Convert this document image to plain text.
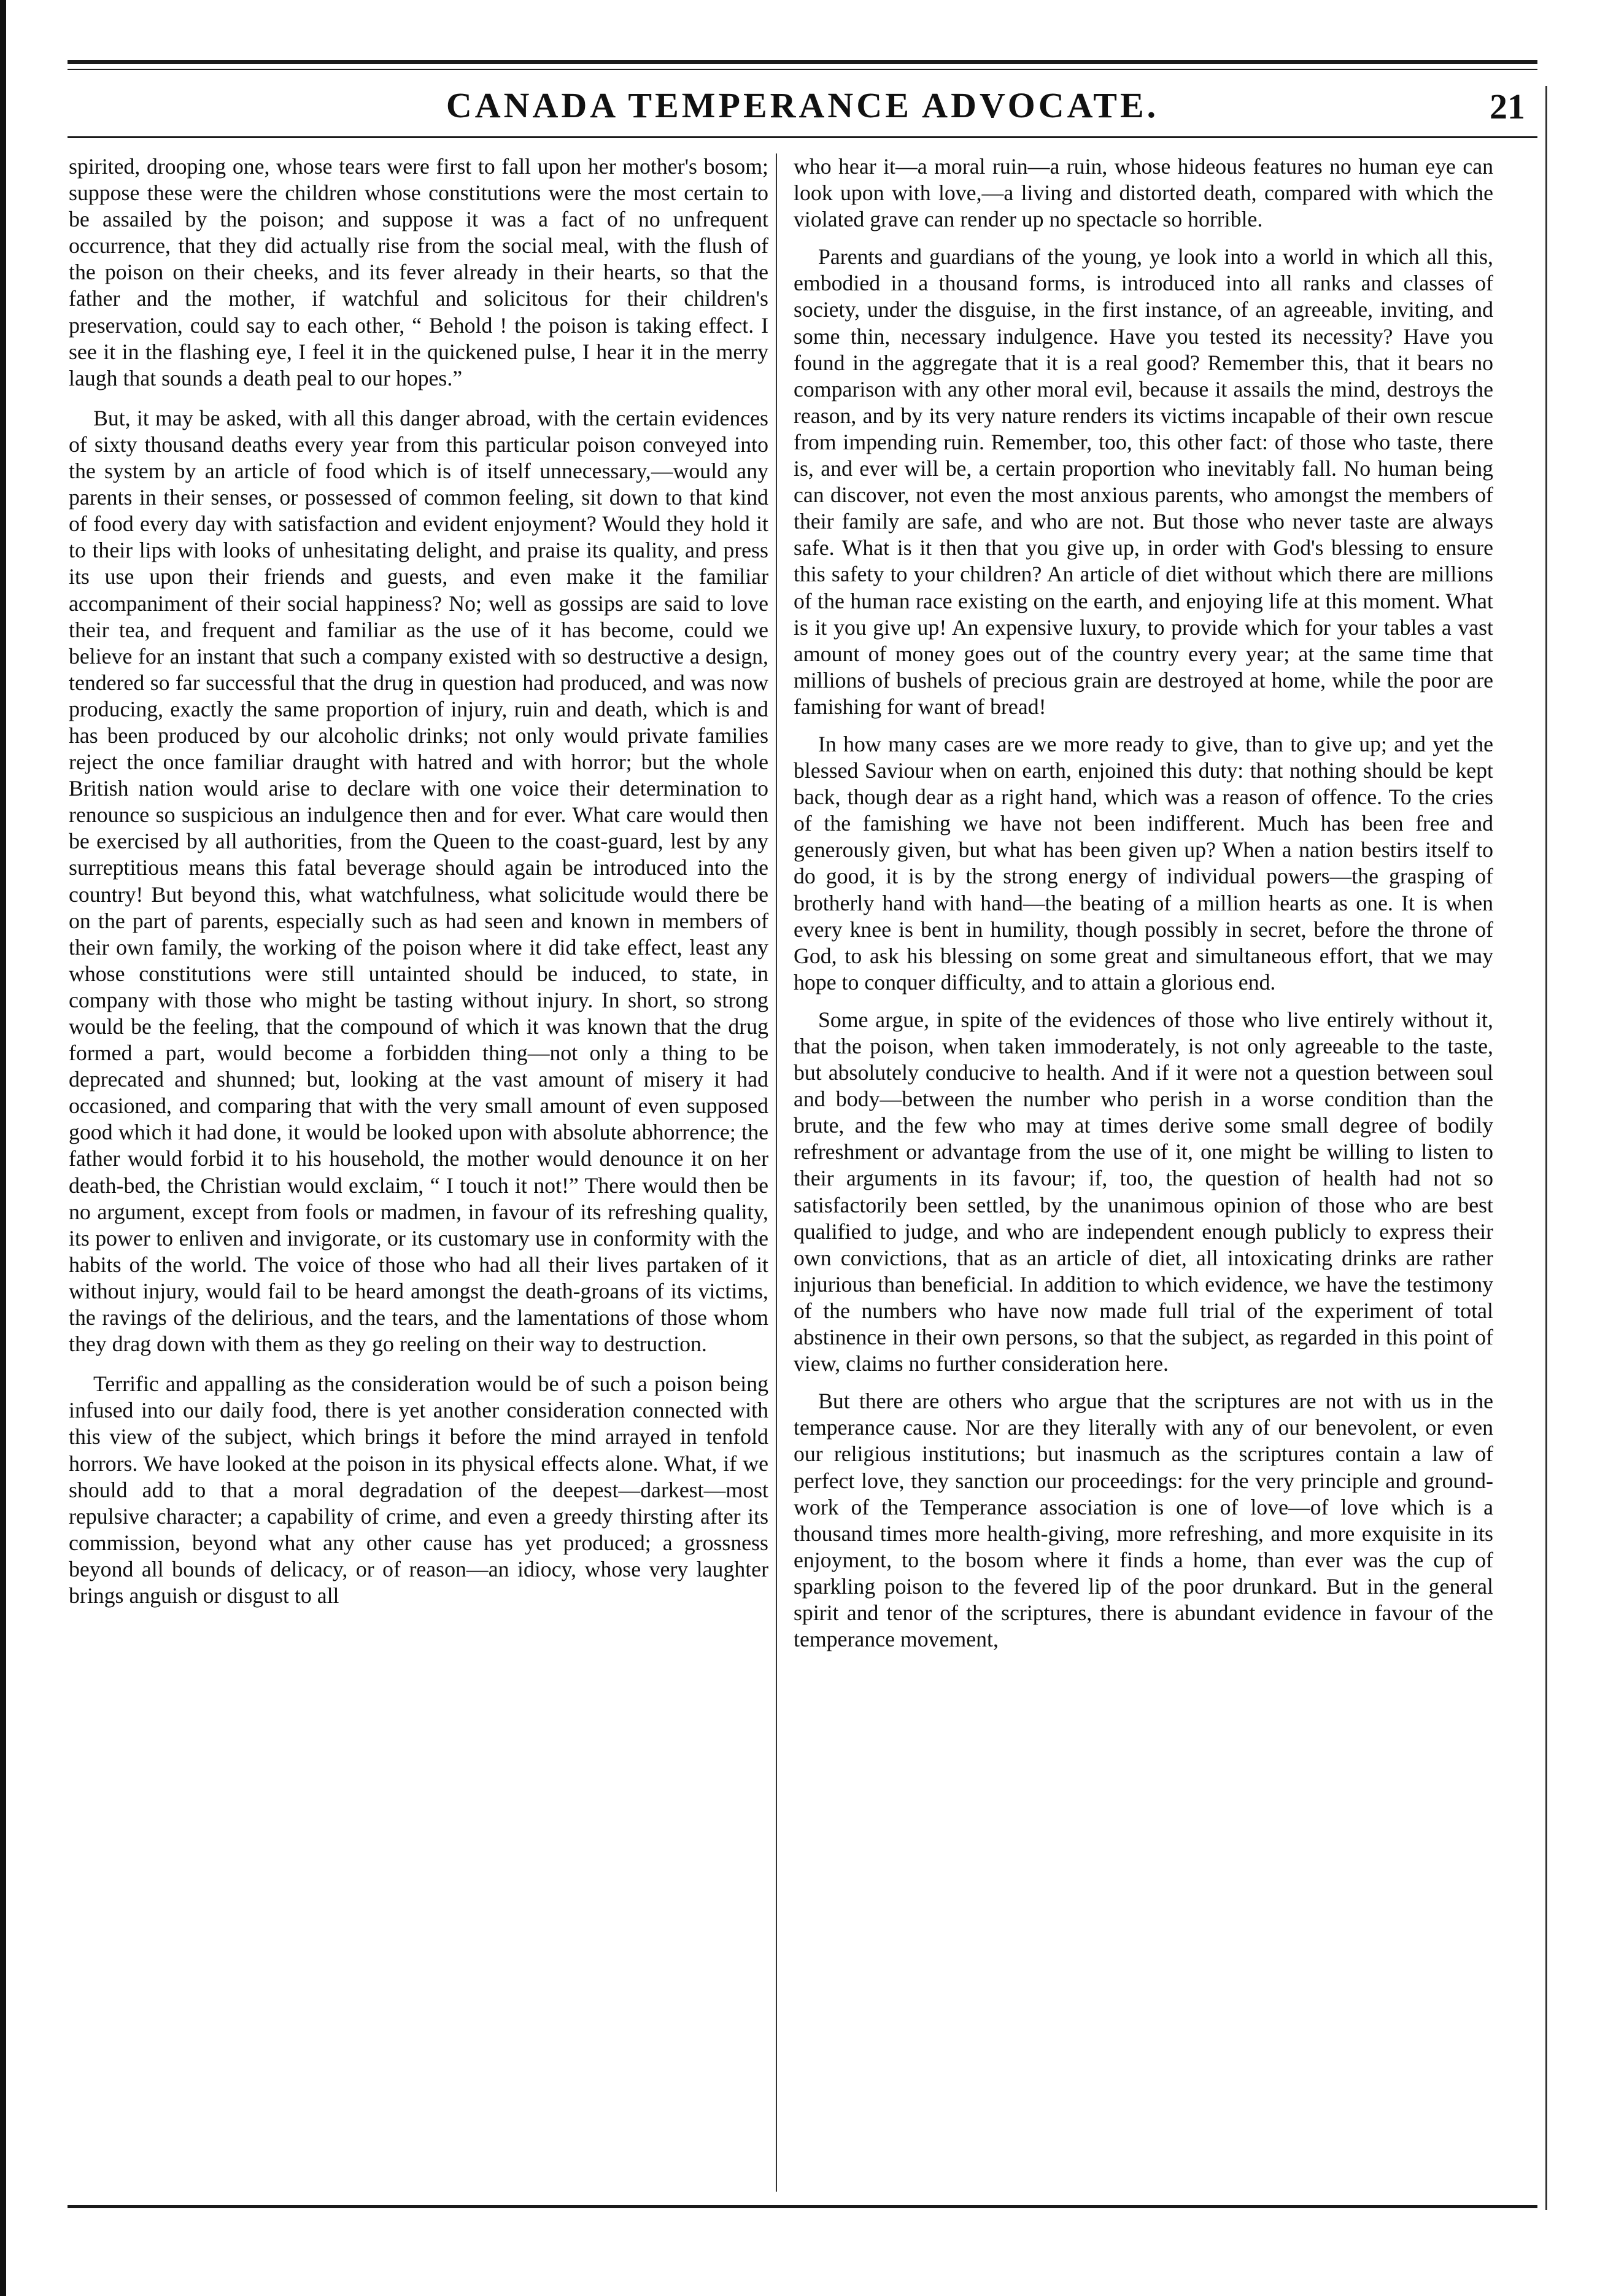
CANADA TEMPERANCE ADVOCATE.	21

spirited, drooping one, whose tears were first to fall upon her mother's bosom; suppose these were the children whose constitutions were the most certain to be assailed by the poison; and suppose it was a fact of no unfrequent occurrence, that they did actually rise from the social meal, with the flush of the poison on their cheeks, and its fever already in their hearts, so that the father and the mother, if watchful and solicitous for their children's preservation, could say to each other, “ Behold ! the poison is taking effect. I see it in the flashing eye, I feel it in the quickened pulse, I hear it in the merry laugh that sounds a death peal to our hopes.”

But, it may be asked, with all this danger abroad, with the certain evidences of sixty thousand deaths every year from this particular poison conveyed into the system by an article of food which is of itself unnecessary,—would any parents in their senses, or possessed of common feeling, sit down to that kind of food every day with satisfaction and evident enjoyment? Would they hold it to their lips with looks of unhesitating delight, and praise its quality, and press its use upon their friends and guests, and even make it the familiar accompaniment of their social happiness? No; well as gossips are said to love their tea, and frequent and familiar as the use of it has become, could we believe for an instant that such a company existed with so destructive a design, tendered so far successful that the drug in question had produced, and was now producing, exactly the same proportion of injury, ruin and death, which is and has been produced by our alcoholic drinks; not only would private families reject the once familiar draught with hatred and with horror; but the whole British nation would arise to declare with one voice their determination to renounce so suspicious an indulgence then and for ever. What care would then be exercised by all authorities, from the Queen to the coast-guard, lest by any surreptitious means this fatal beverage should again be introduced into the country! But beyond this, what watchfulness, what solicitude would there be on the part of parents, especially such as had seen and known in members of their own family, the working of the poison where it did take effect, least any whose constitutions were still untainted should be induced, to state, in company with those who might be tasting without injury. In short, so strong would be the feeling, that the compound of which it was known that the drug formed a part, would become a forbidden thing—not only a thing to be deprecated and shunned; but, looking at the vast amount of misery it had occasioned, and comparing that with the very small amount of even supposed good which it had done, it would be looked upon with absolute abhorrence; the father would forbid it to his household, the mother would denounce it on her death-bed, the Christian would exclaim, “ I touch it not!” There would then be no argument, except from fools or madmen, in favour of its refreshing quality, its power to enliven and invigorate, or its customary use in conformity with the habits of the world. The voice of those who had all their lives partaken of it without injury, would fail to be heard amongst the death-groans of its victims, the ravings of the delirious, and the tears, and the lamentations of those whom they drag down with them as they go reeling on their way to destruction.

Terrific and appalling as the consideration would be of such a poison being infused into our daily food, there is yet another consideration connected with this view of the subject, which brings it before the mind arrayed in tenfold horrors. We have looked at the poison in its physical effects alone. What, if we should add to that a moral degradation of the deepest—darkest—most repulsive character; a capability of crime, and even a greedy thirsting after its commission, beyond what any other cause has yet produced; a grossness beyond all bounds of delicacy, or of reason—an idiocy, whose very laughter brings anguish or disgust to all

who hear it—a moral ruin—a ruin, whose hideous features no human eye can look upon with love,—a living and distorted death, compared with which the violated grave can render up no spectacle so horrible.

Parents and guardians of the young, ye look into a world in which all this, embodied in a thousand forms, is introduced into all ranks and classes of society, under the disguise, in the first instance, of an agreeable, inviting, and some thin, necessary indulgence. Have you tested its necessity? Have you found in the aggregate that it is a real good? Remember this, that it bears no comparison with any other moral evil, because it assails the mind, destroys the reason, and by its very nature renders its victims incapable of their own rescue from impending ruin. Remember, too, this other fact: of those who taste, there is, and ever will be, a certain proportion who inevitably fall. No human being can discover, not even the most anxious parents, who amongst the members of their family are safe, and who are not. But those who never taste are always safe. What is it then that you give up, in order with God's blessing to ensure this safety to your children? An article of diet without which there are millions of the human race existing on the earth, and enjoying life at this moment. What is it you give up! An expensive luxury, to provide which for your tables a vast amount of money goes out of the country every year; at the same time that millions of bushels of precious grain are destroyed at home, while the poor are famishing for want of bread!

In how many cases are we more ready to give, than to give up; and yet the blessed Saviour when on earth, enjoined this duty: that nothing should be kept back, though dear as a right hand, which was a reason of offence. To the cries of the famishing we have not been indifferent. Much has been free and generously given, but what has been given up? When a nation bestirs itself to do good, it is by the strong energy of individual powers—the grasping of brotherly hand with hand—the beating of a million hearts as one. It is when every knee is bent in humility, though possibly in secret, before the throne of God, to ask his blessing on some great and simultaneous effort, that we may hope to conquer difficulty, and to attain a glorious end.

Some argue, in spite of the evidences of those who live entirely without it, that the poison, when taken immoderately, is not only agreeable to the taste, but absolutely conducive to health. And if it were not a question between soul and body—between the number who perish in a worse condition than the brute, and the few who may at times derive some small degree of bodily refreshment or advantage from the use of it, one might be willing to listen to their arguments in its favour; if, too, the question of health had not so satisfactorily been settled, by the unanimous opinion of those who are best qualified to judge, and who are independent enough publicly to express their own convictions, that as an article of diet, all intoxicating drinks are rather injurious than beneficial. In addition to which evidence, we have the testimony of the numbers who have now made full trial of the experiment of total abstinence in their own persons, so that the subject, as regarded in this point of view, claims no further consideration here.

But there are others who argue that the scriptures are not with us in the temperance cause. Nor are they literally with any of our benevolent, or even our religious institutions; but inasmuch as the scriptures contain a law of perfect love, they sanction our proceedings: for the very principle and ground-work of the Temperance association is one of love—of love which is a thousand times more health-giving, more refreshing, and more exquisite in its enjoyment, to the bosom where it finds a home, than ever was the cup of sparkling poison to the fevered lip of the poor drunkard. But in the general spirit and tenor of the scriptures, there is abundant evidence in favour of the temperance movement,
